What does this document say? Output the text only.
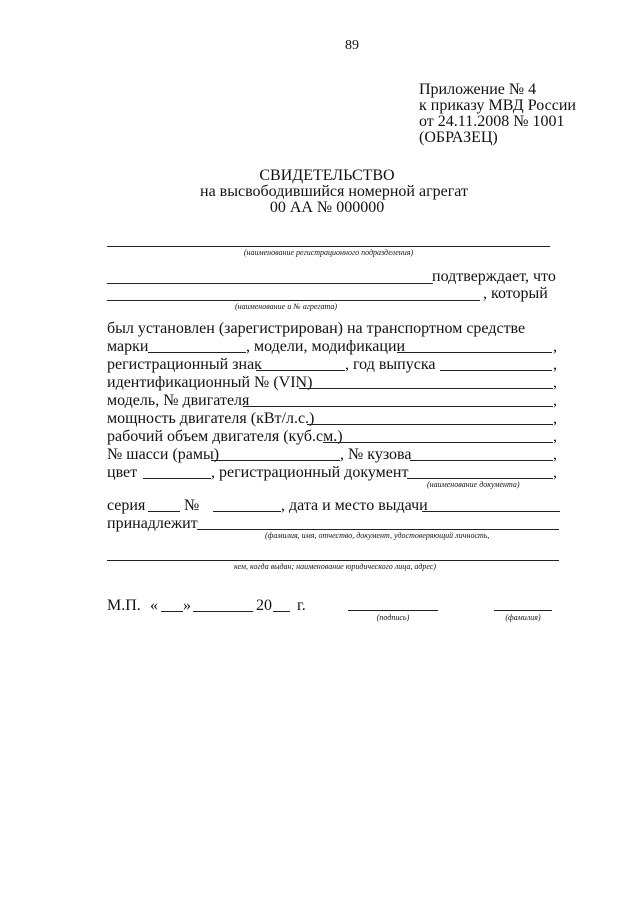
89
Приложение № 4
к приказу МВД России
от 24.11.2008 № 1001
(ОБРАЗЕЦ)
СВИДЕТЕЛЬСТВО
на высвободившийся номерной агрегат
00 АА № 000000
(наименование регистрационного подразделения)
подтверждает, что
, который
(наименование и № агрегата)
был установлен (зарегистрирован) на транспортном средстве
марки	, модели, модификации	,
регистрационный знак	, год выпуска	,
идентификационный № (VIN)	,
модель, № двигателя	,
мощность двигателя (кВт/л.с.)	,
рабочий объем двигателя (куб.см.)	,
№ шасси (рамы)	, № кузова	,
цвет	, регистрационный документ	,
(наименование документа)
серия №	, дата и место выдачи
принадлежит
(фамилия, имя, отчество, документ, удостоверяющий личность,
кем, когда выдан; наименование юридического лица, адрес)
М.П. « »	20 г.
(подпись)	(фамилия)
